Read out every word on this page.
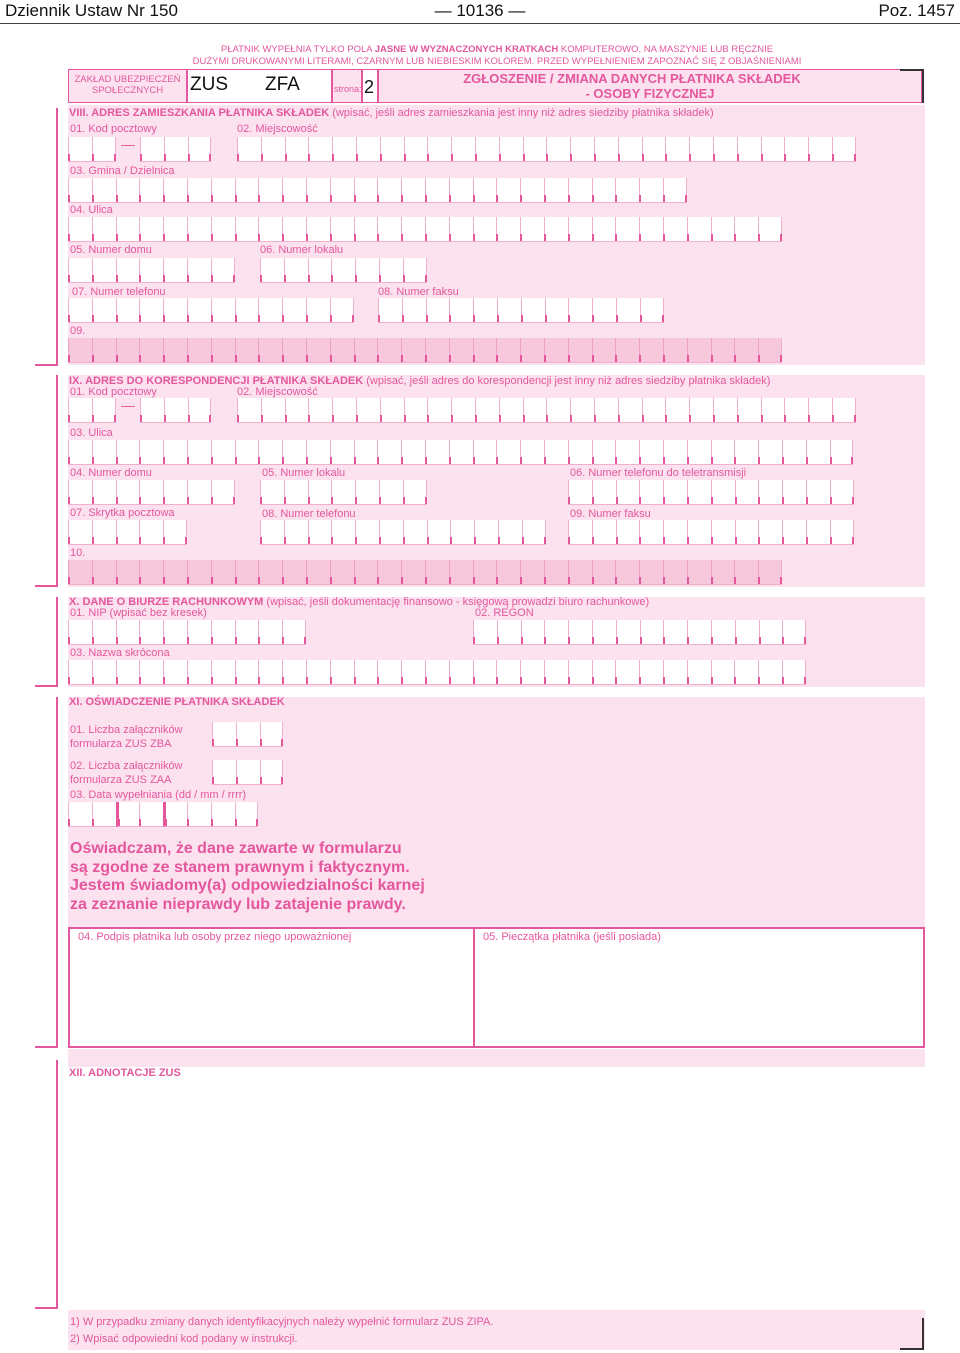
Dziennik Ustaw Nr 150	— 10136 —	Poz. 1457
PŁATNIK WYPEŁNIA TYLKO POLA JASNE W WYZNACZONYCH KRATKACH KOMPUTEROWO, NA MASZYNIE LUB RĘCZNIE
DUŻYMI DRUKOWANYMI LITERAMI, CZARNYM LUB NIEBIESKIM KOLOREM. PRZED WYPEŁNIENIEM ZAPOZNAĆ SIĘ Z OBJAŚNIENIAMI
ZAKŁAD UBEZPIECZEŃ
SPOŁECZNYCH	ZUS ZFA	strona: 2	ZGŁOSZENIE / ZMIANA DANYCH PŁATNIKA SKŁADEK
- OSOBY FIZYCZNEJ
VIII. ADRES ZAMIESZKANIA PŁATNIKA SKŁADEK (wpisać, jeśli adres zamieszkania jest inny niż adres siedziby płatnika składek)
01. Kod pocztowy	02. Miejscowość
—
03. Gmina / Dzielnica
04. Ulica
05. Numer domu	06. Numer lokalu
07. Numer telefonu	08. Numer faksu
09.
IX. ADRES DO KORESPONDENCJI PŁATNIKA SKŁADEK (wpisać, jeśli adres do korespondencji jest inny niż adres siedziby płatnika składek)
01. Kod pocztowy	02. Miejscowość
—
03. Ulica
04. Numer domu	05. Numer lokalu	06. Numer telefonu do teletransmisji
07. Skrytka pocztowa	08. Numer telefonu	09. Numer faksu
10.
X. DANE O BIURZE RACHUNKOWYM (wpisać, jeśli dokumentację finansowo - księgową prowadzi biuro rachunkowe)
01. NIP (wpisać bez kresek)	02. REGON
03. Nazwa skrócona
XI. OŚWIADCZENIE PŁATNIKA SKŁADEK
01. Liczba załączników
formularza ZUS ZBA
02. Liczba załączników
formularza ZUS ZAA
03. Data wypełniania (dd / mm / rrrr)
Oświadczam, że dane zawarte w formularzu
są zgodne ze stanem prawnym i faktycznym.
Jestem świadomy(a) odpowiedzialności karnej
za zeznanie nieprawdy lub zatajenie prawdy.
04. Podpis płatnika lub osoby przez niego upoważnionej	05. Pieczątka płatnika (jeśli posiada)
XII. ADNOTACJE ZUS
1) W przypadku zmiany danych identyfikacyjnych należy wypełnić formularz ZUS ZIPA.
2) Wpisać odpowiedni kod podany w instrukcji.
